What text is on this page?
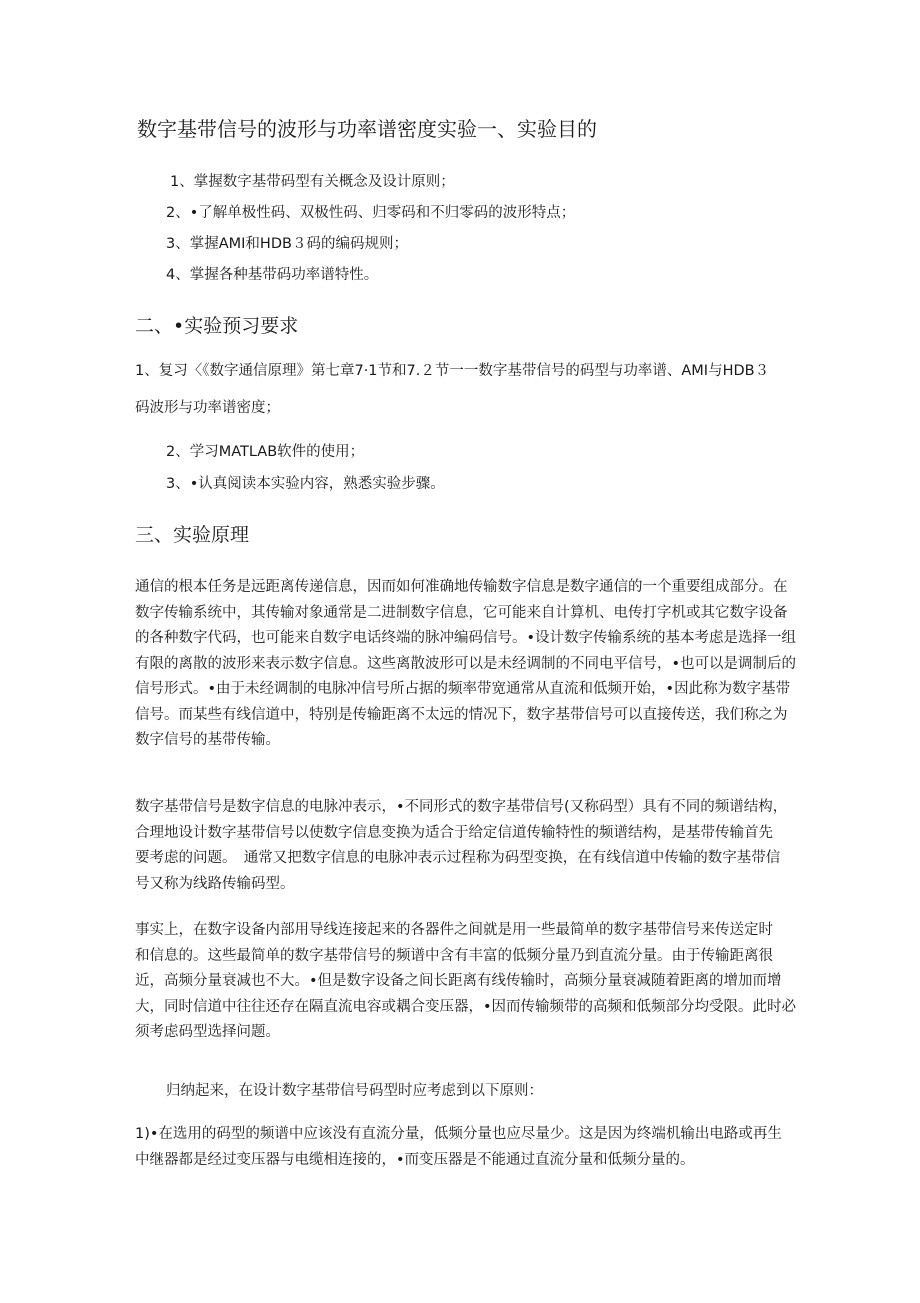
数字基带信号的波形与功率谱密度实验一、实验目的
1、掌握数字基带码型有关概念及设计原则；
2、•了解单极性码、双极性码、归零码和不归零码的波形特点；
3、掌握AMI和HDB３码的编码规则；
4、掌握各种基带码功率谱特性。
二、•实验预习要求
1、复习〈《数字通信原理》第七章7·1节和7.２节一一数字基带信号的码型与功率谱、AMI与HDB３
码波形与功率谱密度；
2、学习MATLAB软件的使用；
3、•认真阅读本实验内容，熟悉实验步骤。
三、实验原理
通信的根本任务是远距离传递信息，因而如何准确地传输数字信息是数字通信的一个重要组成部分。在
数字传输系统中，其传输对象通常是二进制数字信息，它可能来自计算机、电传打字机或其它数字设备
的各种数字代码，也可能来自数字电话终端的脉冲编码信号。•设计数字传输系统的基本考虑是选择一组
有限的离散的波形来表示数字信息。这些离散波形可以是未经调制的不同电平信号，•也可以是调制后的
信号形式。•由于未经调制的电脉冲信号所占据的频率带宽通常从直流和低频开始，•因此称为数字基带
信号。而某些有线信道中，特别是传输距离不太远的情况下，数字基带信号可以直接传送，我们称之为
数字信号的基带传输。
数字基带信号是数字信息的电脉冲表示，•不同形式的数字基带信号(又称码型）具有不同的频谱结构，
合理地设计数字基带信号以使数字信息变换为适合于给定信道传输特性的频谱结构，是基带传输首先
要考虑的问题。　通常又把数字信息的电脉冲表示过程称为码型变换，在有线信道中传输的数字基带信
号又称为线路传输码型。
事实上，在数字设备内部用导线连接起来的各器件之间就是用一些最简单的数字基带信号来传送定时
和信息的。这些最简单的数字基带信号的频谱中含有丰富的低频分量乃到直流分量。由于传输距离很
近，高频分量衰减也不大。•但是数字设备之间长距离有线传输时，高频分量衰减随着距离的增加而增
大，同时信道中往往还存在隔直流电容或耦合变压器，•因而传输频带的高频和低频部分均受限。此时必
须考虑码型选择问题。
归纳起来，在设计数字基带信号码型时应考虑到以下原则：
1)•在选用的码型的频谱中应该没有直流分量，低频分量也应尽量少。这是因为终端机输出电路或再生
中继器都是经过变压器与电缆相连接的，•而变压器是不能通过直流分量和低频分量的。
